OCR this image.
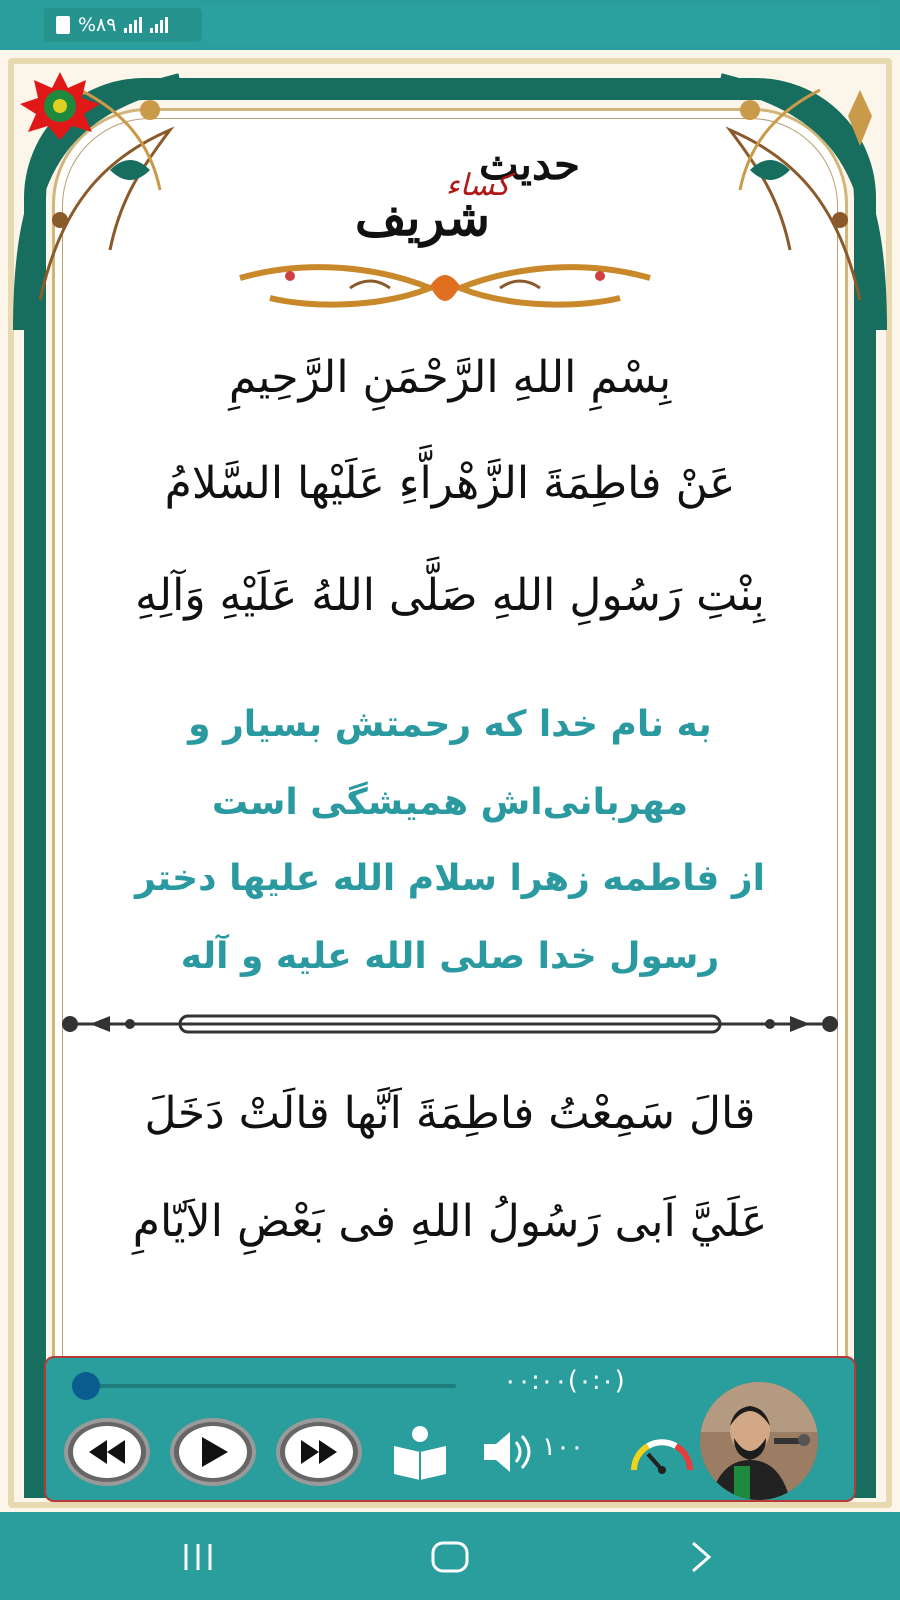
%۸۹
حدیث
کساء
شریف
بِسْمِ اللهِ الرَّحْمَنِ الرَّحِیمِ
عَنْ فاطِمَةَ الزَّهْراَّءِ عَلَيْها السَّلامُ
بِنْتِ رَسُولِ اللهِ صَلَّى اللهُ عَلَيْهِ وَآلِهِ
به نام خدا که رحمتش بسیار و
مهربانی‌اش همیشگی است
از فاطمه زهرا سلام الله علیها دختر
رسول خدا صلی الله علیه و آله
قالَ سَمِعْتُ فاطِمَةَ اَنَّها قالَتْ دَخَلَ
عَلَيَّ اَبى رَسُولُ اللهِ فى بَعْضِ الاَيّامِ
۰۰:۰۰(۰:۰)
۱۰۰
